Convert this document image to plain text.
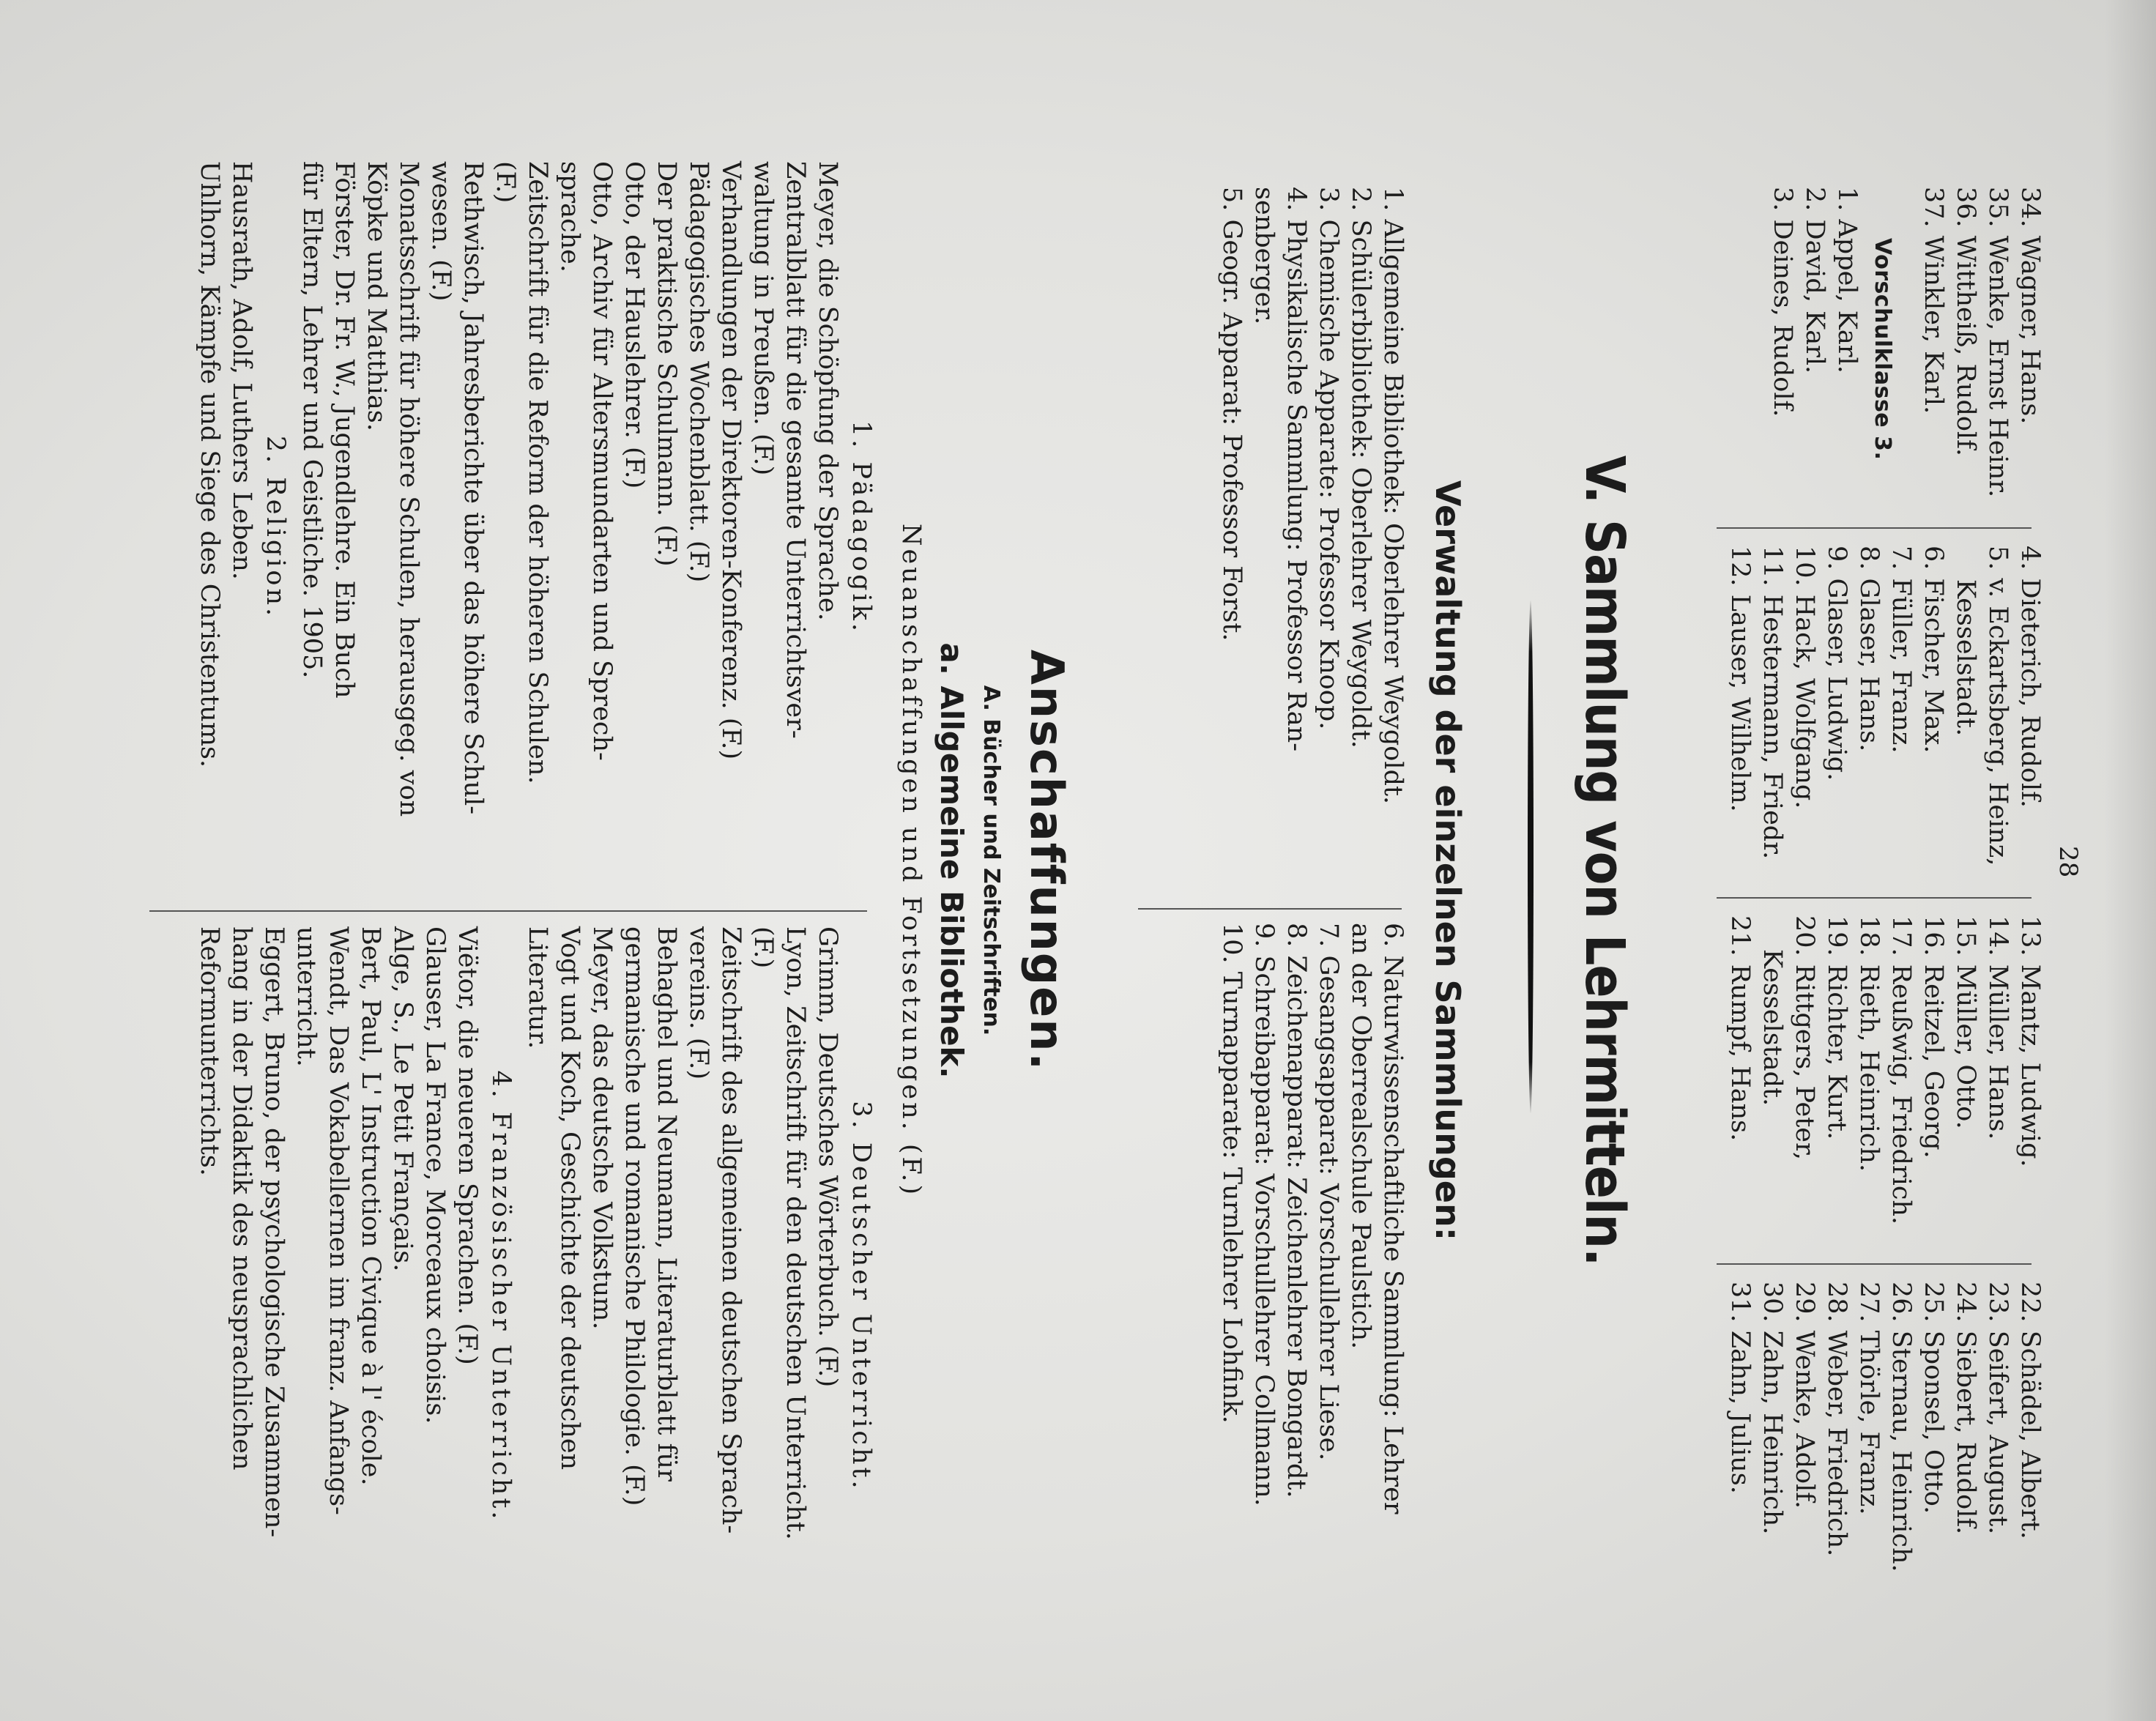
28
34. Wagner, Hans.
35. Wenke, Ernst Heinr.
36. Wittheiß, Rudolf.
37. Winkler, Karl.
Vorschulklasse 3.
1. Appel, Karl.
2. David, Karl.
3. Deines, Rudolf.
4. Dieterich, Rudolf.
5. v. Eckartsberg, Heinz,
Kesselstadt.
6. Fischer, Max.
7. Füller, Franz.
8. Glaser, Hans.
9. Glaser, Ludwig.
10. Hack, Wolfgang.
11. Hestermann, Friedr.
12. Lauser, Wilhelm.
13. Mantz, Ludwig.
14. Müller, Hans.
15. Müller, Otto.
16. Reitzel, Georg.
17. Reußwig, Friedrich.
18. Rieth, Heinrich.
19. Richter, Kurt.
20. Rittgers, Peter,
Kesselstadt.
21. Rumpf, Hans.
22. Schädel, Albert.
23. Seifert, August.
24. Siebert, Rudolf.
25. Sponsel, Otto.
26. Sternau, Heinrich.
27. Thörle, Franz.
28. Weber, Friedrich.
29. Wenke, Adolf.
30. Zahn, Heinrich.
31. Zahn, Julius.
V. Sammlung von Lehrmitteln.
Verwaltung der einzelnen Sammlungen:
1. Allgemeine Bibliothek: Oberlehrer Weygoldt.
2. Schülerbibliothek: Oberlehrer Weygoldt.
3. Chemische Apparate: Professor Knoop.
4. Physikalische Sammlung: Professor Ran-
senberger.
5. Geogr. Apparat: Professor Forst.
6. Naturwissenschaftliche Sammlung: Lehrer
an der Oberrealschule Paulstich.
7. Gesangsapparat: Vorschullehrer Liese.
8. Zeichenapparat: Zeichenlehrer Bongardt.
9. Schreibapparat: Vorschullehrer Collmann.
10. Turnapparate: Turnlehrer Lohfink.
Anschaffungen.
A. Bücher und Zeitschriften.
a. Allgemeine Bibliothek.
Neuanschaffungen und Fortsetzungen. (F.)
1. Pädagogik.
Meyer, die Schöpfung der Sprache.
Zentralblatt für die gesamte Unterrichtsver-
waltung in Preußen. (F.)
Verhandlungen der Direktoren-Konferenz. (F.)
Pädagogisches Wochenblatt. (F.)
Der praktische Schulmann. (F.)
Otto, der Hauslehrer. (F.)
Otto, Archiv für Altersmundarten und Sprech-
sprache.
Zeitschrift für die Reform der höheren Schulen.
(F.)
Rethwisch, Jahresberichte über das höhere Schul-
wesen. (F.)
Monatsschrift für höhere Schulen, herausgeg. von
Köpke und Matthias.
Förster, Dr. Fr. W., Jugendlehre. Ein Buch
für Eltern, Lehrer und Geistliche. 1905.
2. Religion.
Hausrath, Adolf, Luthers Leben.
Uhlhorn, Kämpfe und Siege des Christentums.
3. Deutscher Unterricht.
Grimm, Deutsches Wörterbuch. (F.)
Lyon, Zeitschrift für den deutschen Unterricht.
(F.)
Zeitschrift des allgemeinen deutschen Sprach-
vereins. (F.)
Behaghel und Neumann, Literaturblatt für
germanische und romanische Philologie. (F.)
Meyer, das deutsche Volkstum.
Vogt und Koch, Geschichte der deutschen
Literatur.
4. Französischer Unterricht.
Viëtor, die neueren Sprachen. (F.)
Glauser, La France, Morceaux choisis.
Alge, S., Le Petit Français.
Bert, Paul, L' Instruction Civique à l' école.
Wendt, Das Vokabellernen im franz. Anfangs-
unterricht.
Eggert, Bruno, der psychologische Zusammen-
hang in der Didaktik des neusprachlichen
Reformunterrichts.
